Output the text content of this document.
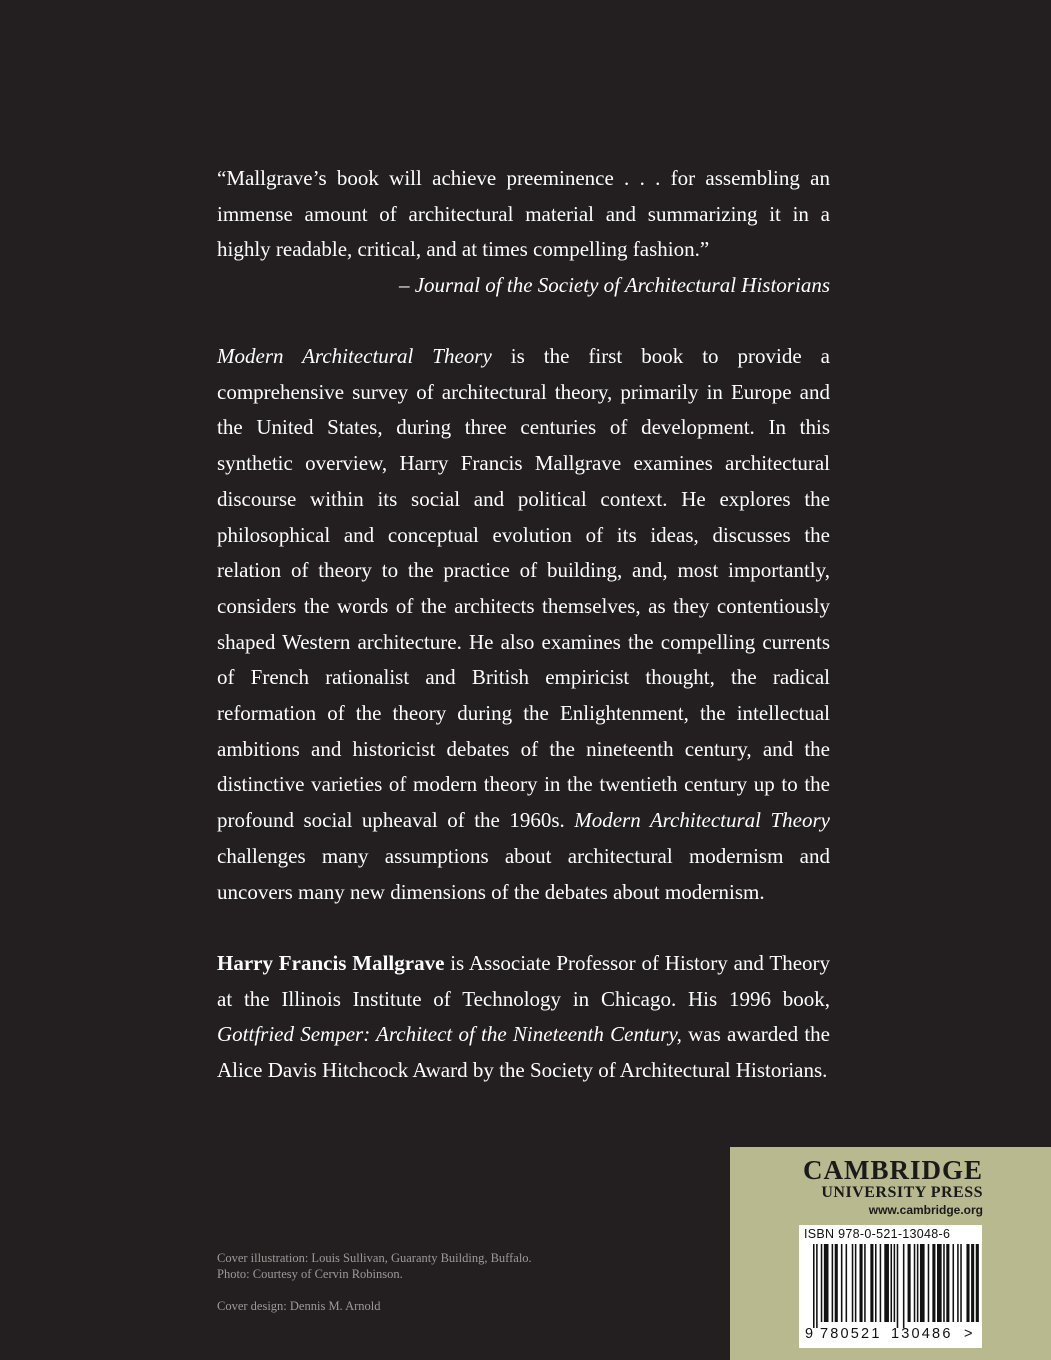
“Mallgrave’s book will achieve preeminence . . . for assembling an immense amount of architectural material and summarizing it in a highly readable, critical, and at times compelling fashion.”
– Journal of the Society of Architectural Historians
Modern Architectural Theory is the first book to provide a comprehensive survey of architectural theory, primarily in Europe and the United States, during three centuries of development. In this synthetic overview, Harry Francis Mallgrave examines architectural discourse within its social and political context. He explores the philosophical and conceptual evolution of its ideas, discusses the relation of theory to the practice of building, and, most importantly, considers the words of the architects themselves, as they contentiously shaped Western architecture. He also examines the compelling currents of French rationalist and British empiricist thought, the radical reformation of the theory during the Enlightenment, the intellectual ambitions and historicist debates of the nineteenth century, and the distinctive varieties of modern theory in the twentieth century up to the profound social upheaval of the 1960s. Modern Architectural Theory challenges many assumptions about architectural modernism and uncovers many new dimensions of the debates about modernism.
Harry Francis Mallgrave is Associate Professor of History and Theory at the Illinois Institute of Technology in Chicago. His 1996 book, Gottfried Semper: Architect of the Nineteenth Century, was awarded the Alice Davis Hitchcock Award by the Society of Architectural Historians.
Cover illustration: Louis Sullivan, Guaranty Building, Buffalo.
Photo: Courtesy of Cervin Robinson.
Cover design: Dennis M. Arnold
CAMBRIDGE
UNIVERSITY PRESS
www.cambridge.org
ISBN 978-0-521-13048-6
9 780521 130486 >
